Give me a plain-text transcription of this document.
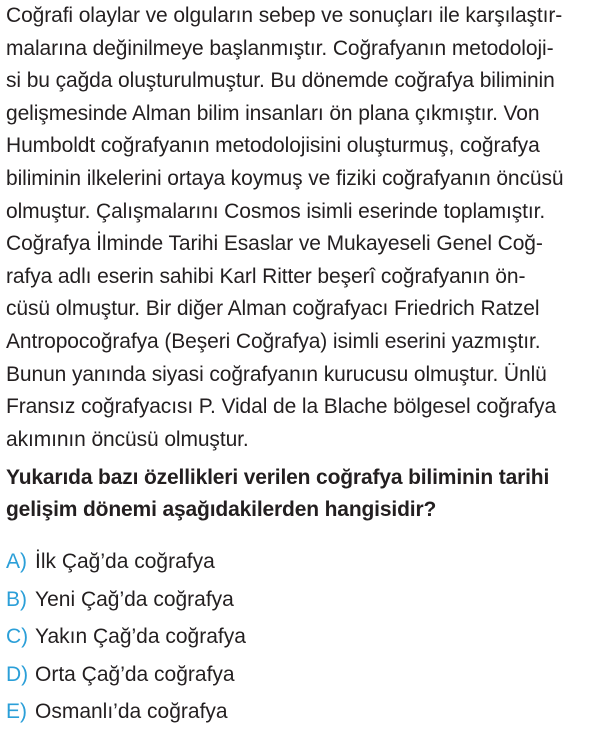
Coğrafi olaylar ve olguların sebep ve sonuçları ile karşılaştır-
malarına değinilmeye başlanmıştır. Coğrafyanın metodoloji-
si bu çağda oluşturulmuştur. Bu dönemde coğrafya biliminin
gelişmesinde Alman bilim insanları ön plana çıkmıştır. Von
Humboldt coğrafyanın metodolojisini oluşturmuş, coğrafya
biliminin ilkelerini ortaya koymuş ve fiziki coğrafyanın öncüsü
olmuştur. Çalışmalarını Cosmos isimli eserinde toplamıştır.
Coğrafya İlminde Tarihi Esaslar ve Mukayeseli Genel Coğ-
rafya adlı eserin sahibi Karl Ritter beşerî coğrafyanın ön-
cüsü olmuştur. Bir diğer Alman coğrafyacı Friedrich Ratzel
Antropocoğrafya (Beşeri Coğrafya) isimli eserini yazmıştır.
Bunun yanında siyasi coğrafyanın kurucusu olmuştur. Ünlü
Fransız coğrafyacısı P. Vidal de la Blache bölgesel coğrafya
akımının öncüsü olmuştur.
Yukarıda bazı özellikleri verilen coğrafya biliminin tarihi
gelişim dönemi aşağıdakilerden hangisidir?
A) İlk Çağ’da coğrafya
B) Yeni Çağ’da coğrafya
C) Yakın Çağ’da coğrafya
D) Orta Çağ’da coğrafya
E) Osmanlı’da coğrafya
